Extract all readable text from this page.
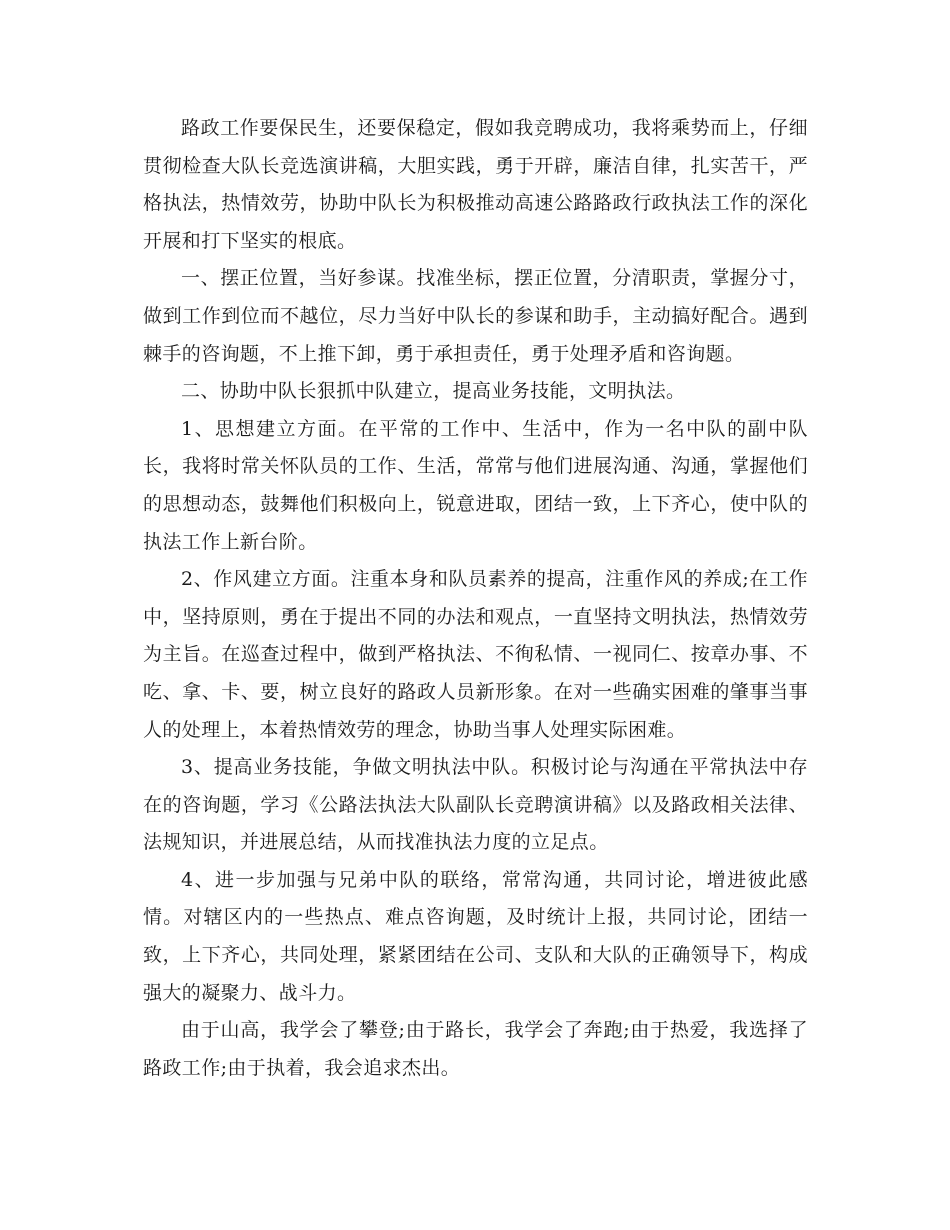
路政工作要保民生，还要保稳定，假如我竞聘成功，我将乘势而上，仔细贯彻检查大队长竞选演讲稿，大胆实践，勇于开辟，廉洁自律，扎实苦干，严格执法，热情效劳，协助中队长为积极推动高速公路路政行政执法工作的深化开展和打下坚实的根底。

一、摆正位置，当好参谋。找准坐标，摆正位置，分清职责，掌握分寸，做到工作到位而不越位，尽力当好中队长的参谋和助手，主动搞好配合。遇到棘手的咨询题，不上推下卸，勇于承担责任，勇于处理矛盾和咨询题。

二、协助中队长狠抓中队建立，提高业务技能，文明执法。

1、思想建立方面。在平常的工作中、生活中，作为一名中队的副中队长，我将时常关怀队员的工作、生活，常常与他们进展沟通、沟通，掌握他们的思想动态，鼓舞他们积极向上，锐意进取，团结一致，上下齐心，使中队的执法工作上新台阶。

2、作风建立方面。注重本身和队员素养的提高，注重作风的养成;在工作中，坚持原则，勇在于提出不同的办法和观点，一直坚持文明执法，热情效劳为主旨。在巡查过程中，做到严格执法、不徇私情、一视同仁、按章办事、不吃、拿、卡、要，树立良好的路政人员新形象。在对一些确实困难的肇事当事人的处理上，本着热情效劳的理念，协助当事人处理实际困难。

3、提高业务技能，争做文明执法中队。积极讨论与沟通在平常执法中存在的咨询题，学习《公路法执法大队副队长竞聘演讲稿》以及路政相关法律、法规知识，并进展总结，从而找准执法力度的立足点。

4、进一步加强与兄弟中队的联络，常常沟通，共同讨论，增进彼此感情。对辖区内的一些热点、难点咨询题，及时统计上报，共同讨论，团结一致，上下齐心，共同处理，紧紧团结在公司、支队和大队的正确领导下，构成强大的凝聚力、战斗力。

由于山高，我学会了攀登;由于路长，我学会了奔跑;由于热爱，我选择了路政工作;由于执着，我会追求杰出。
